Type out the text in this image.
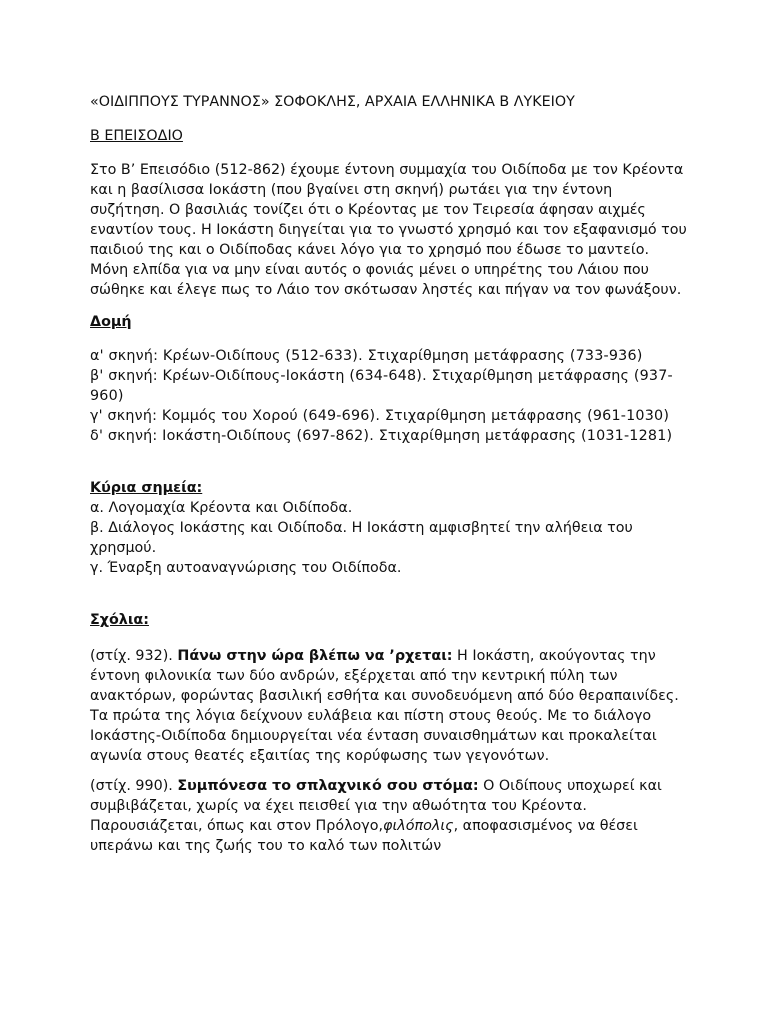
«ΟΙΔΙΠΠΟΥΣ ΤΥΡΑΝΝΟΣ» ΣΟΦΟΚΛΗΣ, ΑΡΧΑΙΑ ΕΛΛΗΝΙΚΑ Β ΛΥΚΕΙΟΥ

Β ΕΠΕΙΣΟΔΙΟ

Στο Β’ Επεισόδιο (512-862) έχουμε έντονη συμμαχία του Οιδίποδα με τον Κρέοντα και η βασίλισσα Ιοκάστη (που βγαίνει στη σκηνή) ρωτάει για την έντονη συζήτηση. Ο βασιλιάς τονίζει ότι ο Κρέοντας με τον Τειρεσία άφησαν αιχμές εναντίον τους. Η Ιοκάστη διηγείται για το γνωστό χρησμό και τον εξαφανισμό του παιδιού της και ο Οιδίποδας κάνει λόγο για το χρησμό που έδωσε το μαντείο. Μόνη ελπίδα για να μην είναι αυτός ο φονιάς μένει ο υπηρέτης του Λάιου που σώθηκε και έλεγε πως το Λάιο τον σκότωσαν ληστές και πήγαν να τον φωνάξουν.

Δομή

α' σκηνή: Κρέων-Οιδίπους (512-633). Στιχαρίθμηση μετάφρασης (733-936)

β' σκηνή: Κρέων-Οιδίπους-Ιοκάστη (634-648). Στιχαρίθμηση μετάφρασης (937-960)

γ' σκηνή: Κομμός του Χορού (649-696). Στιχαρίθμηση μετάφρασης (961-1030)

δ' σκηνή: Ιοκάστη-Οιδίπους (697-862). Στιχαρίθμηση μετάφρασης (1031-1281)

Κύρια σημεία:

α. Λογομαχία Κρέοντα και Οιδίποδα.

β. Διάλογος Ιοκάστης και Οιδίποδα. Η Ιοκάστη αμφισβητεί την αλήθεια του χρησμού.

γ. Έναρξη αυτοαναγνώρισης του Οιδίποδα.

Σχόλια:

(στίχ. 932). Πάνω στην ώρα βλέπω να ’ρχεται: Η Ιοκάστη, ακούγοντας την έντονη φιλονικία των δύο ανδρών, εξέρχεται από την κεντρική πύλη των ανακτόρων, φορώντας βασιλική εσθήτα και συνοδευόμενη από δύο θεραπαινίδες. Τα πρώτα της λόγια δείχνουν ευλάβεια και πίστη στους θεούς. Με το διάλογο Ιοκάστης-Οιδίποδα δημιουργείται νέα ένταση συναισθημάτων και προκαλείται αγωνία στους θεατές εξαιτίας της κορύφωσης των γεγονότων.

(στίχ. 990). Συμπόνεσα το σπλαχνικό σου στόμα: Ο Οιδίπους υποχωρεί και συμβιβάζεται, χωρίς να έχει πεισθεί για την αθωότητα του Κρέοντα. Παρουσιάζεται, όπως και στον Πρόλογο,φιλόπολις, αποφασισμένος να θέσει υπεράνω και της ζωής του το καλό των πολιτών
